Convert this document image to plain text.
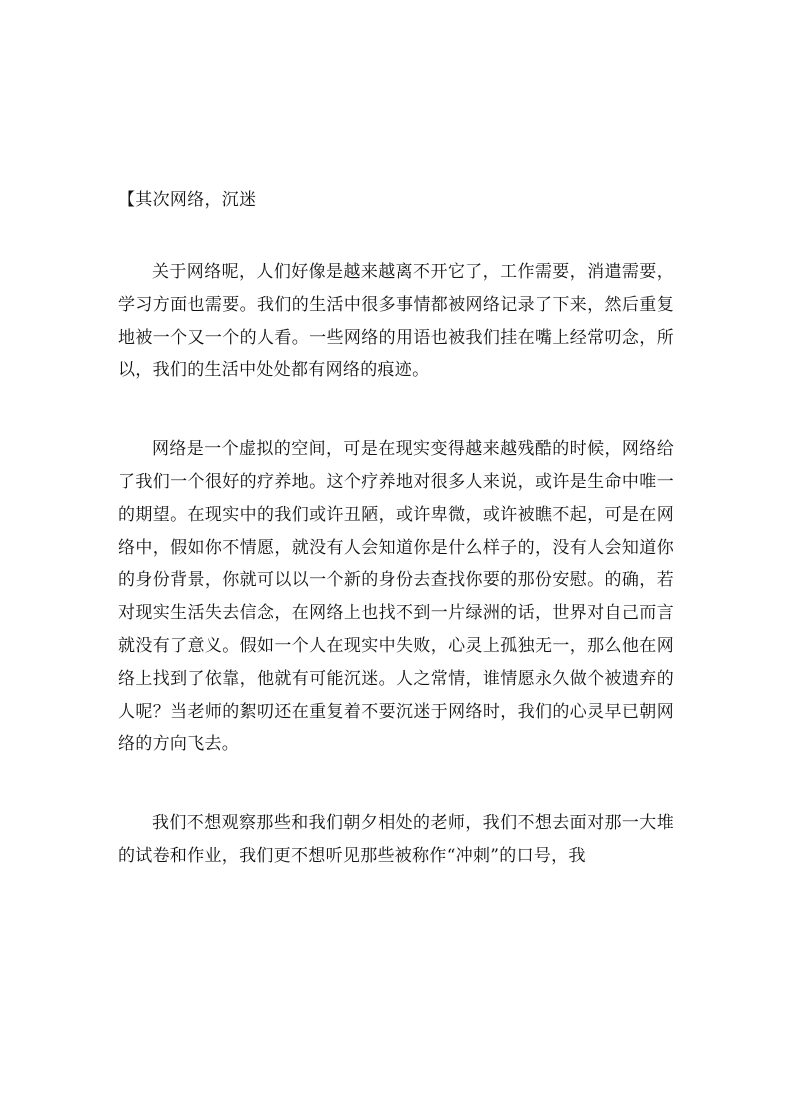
【其次网络，沉迷

关于网络呢，人们好像是越来越离不开它了，工作需要，消遣需要，学习方面也需要。我们的生活中很多事情都被网络记录了下来，然后重复地被一个又一个的人看。一些网络的用语也被我们挂在嘴上经常叨念，所以，我们的生活中处处都有网络的痕迹。

网络是一个虚拟的空间，可是在现实变得越来越残酷的时候，网络给了我们一个很好的疗养地。这个疗养地对很多人来说，或许是生命中唯一的期望。在现实中的我们或许丑陋，或许卑微，或许被瞧不起，可是在网络中，假如你不情愿，就没有人会知道你是什么样子的，没有人会知道你的身份背景，你就可以以一个新的身份去查找你要的那份安慰。的确，若对现实生活失去信念，在网络上也找不到一片绿洲的话，世界对自己而言就没有了意义。假如一个人在现实中失败，心灵上孤独无一，那么他在网络上找到了依靠，他就有可能沉迷。人之常情，谁情愿永久做个被遗弃的人呢？当老师的絮叨还在重复着不要沉迷于网络时，我们的心灵早已朝网络的方向飞去。

我们不想观察那些和我们朝夕相处的老师，我们不想去面对那一大堆的试卷和作业，我们更不想听见那些被称作“冲刺”的口号，我
